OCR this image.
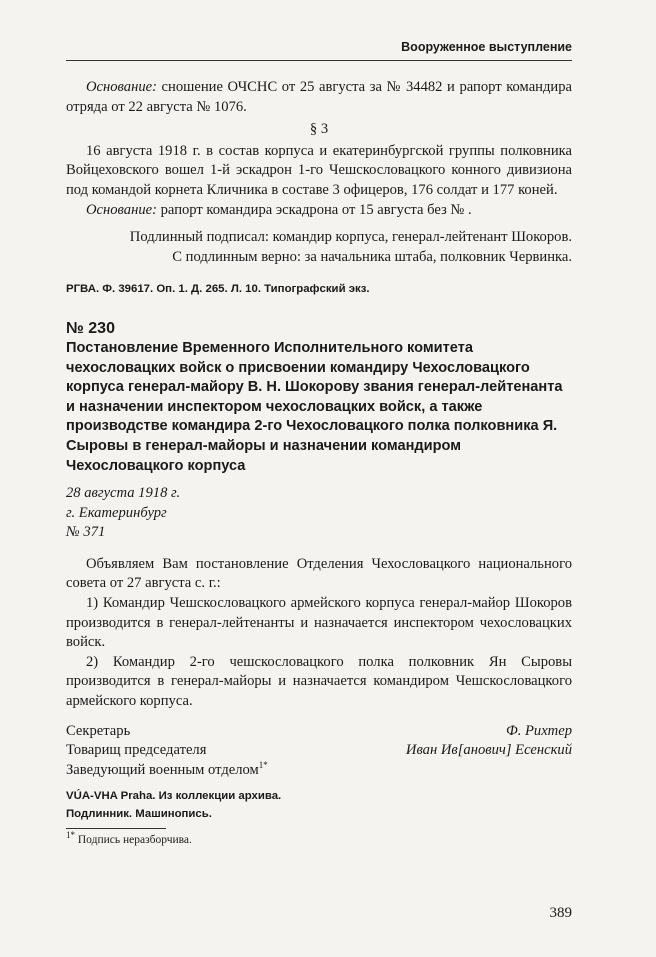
Вооруженное выступление

Основание: сношение ОЧСНС от 25 августа за № 34482 и рапорт командира отряда от 22 августа № 1076.

§ 3

16 августа 1918 г. в состав корпуса и екатеринбургской группы полковника Войцеховского вошел 1-й эскадрон 1-го Чешскословацкого конного дивизиона под командой корнета Кличника в составе 3 офицеров, 176 солдат и 177 коней.

Основание: рапорт командира эскадрона от 15 августа без № .

Подлинный подписал: командир корпуса, генерал-лейтенант Шокоров.

С подлинным верно: за начальника штаба, полковник Червинка.

РГВА. Ф. 39617. Оп. 1. Д. 265. Л. 10. Типографский экз.

№ 230

Постановление Временного Исполнительного комитета чехословацких войск о присвоении командиру Чехословацкого корпуса генерал-майору В. Н. Шокорову звания генерал-лейтенанта и назначении инспектором чехословацких войск, а также производстве командира 2-го Чехословацкого полка полковника Я. Сыровы в генерал-майоры и назначении командиром Чехословацкого корпуса

28 августа 1918 г.

г. Екатеринбург

№ 371

Объявляем Вам постановление Отделения Чехословацкого национального совета от 27 августа с. г.:

1) Командир Чешскословацкого армейского корпуса генерал-майор Шокоров производится в генерал-лейтенанты и назначается инспектором чехословацких войск.

2) Командир 2-го чешскословацкого полка полковник Ян Сыровы производится в генерал-майоры и назначается командиром Чешскословацкого армейского корпуса.

Секретарь	Ф. Рихтер
Товарищ председателя	Иван Ив[анович] Есенский
Заведующий военным отделом$^{1*}$

VÚA-VHA Praha. Из коллекции архива.

Подлинник. Машинопись.

$^{1*}$ Подпись неразборчива.

389
